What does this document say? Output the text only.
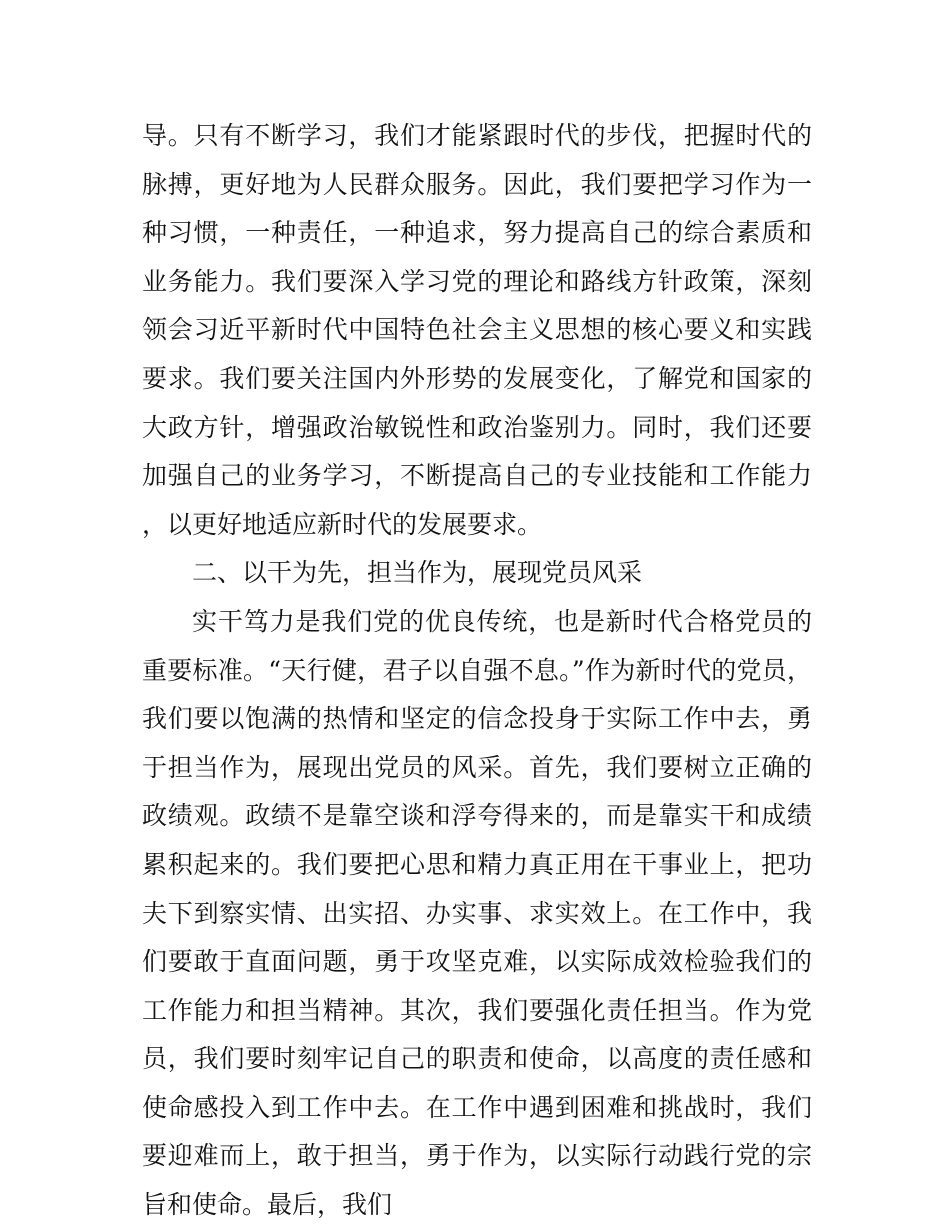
导。只有不断学习，我们才能紧跟时代的步伐，把握时代的脉搏，更好地为人民群众服务。因此，我们要把学习作为一种习惯，一种责任，一种追求，努力提高自己的综合素质和业务能力。我们要深入学习党的理论和路线方针政策，深刻领会习近平新时代中国特色社会主义思想的核心要义和实践要求。我们要关注国内外形势的发展变化，了解党和国家的大政方针，增强政治敏锐性和政治鉴别力。同时，我们还要加强自己的业务学习，不断提高自己的专业技能和工作能力，以更好地适应新时代的发展要求。

二、以干为先，担当作为，展现党员风采

实干笃力是我们党的优良传统，也是新时代合格党员的重要标准。“天行健，君子以自强不息。”作为新时代的党员，我们要以饱满的热情和坚定的信念投身于实际工作中去，勇于担当作为，展现出党员的风采。首先，我们要树立正确的政绩观。政绩不是靠空谈和浮夸得来的，而是靠实干和成绩累积起来的。我们要把心思和精力真正用在干事业上，把功夫下到察实情、出实招、办实事、求实效上。在工作中，我们要敢于直面问题，勇于攻坚克难，以实际成效检验我们的工作能力和担当精神。其次，我们要强化责任担当。作为党员，我们要时刻牢记自己的职责和使命，以高度的责任感和使命感投入到工作中去。在工作中遇到困难和挑战时，我们要迎难而上，敢于担当，勇于作为，以实际行动践行党的宗旨和使命。最后，我们
